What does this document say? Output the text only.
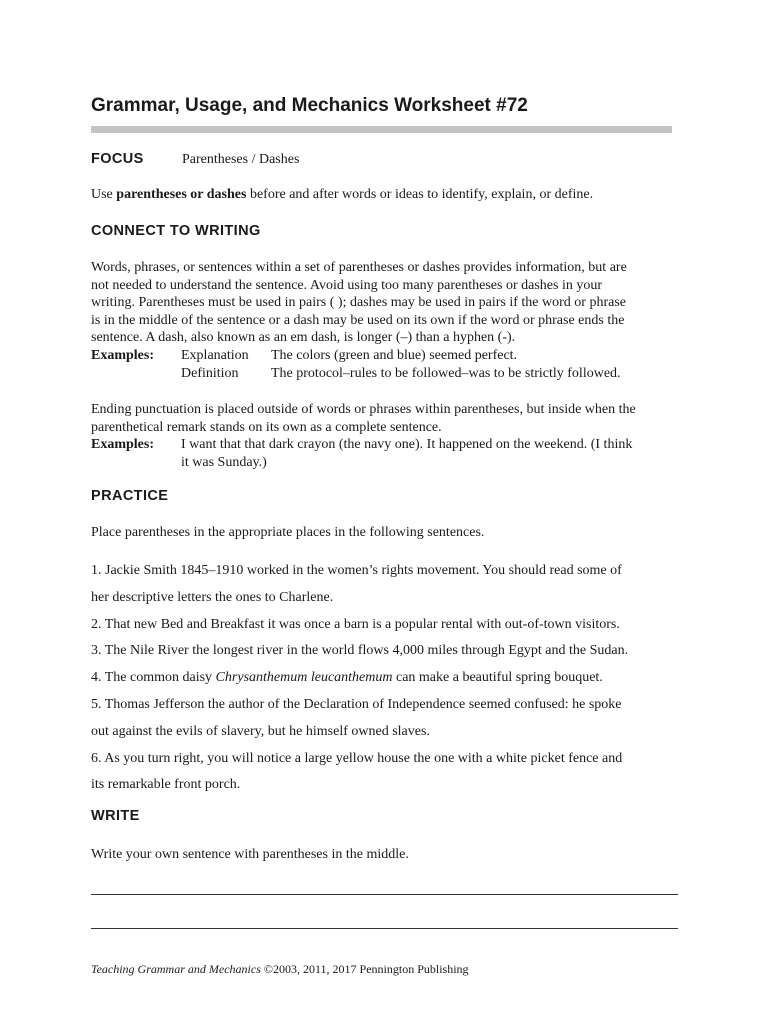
Grammar, Usage, and Mechanics Worksheet #72
FOCUS	Parentheses / Dashes

Use parentheses or dashes before and after words or ideas to identify, explain, or define.

CONNECT TO WRITING
Words, phrases, or sentences within a set of parentheses or dashes provides information, but are
not needed to understand the sentence. Avoid using too many parentheses or dashes in your
writing. Parentheses must be used in pairs ( ); dashes may be used in pairs if the word or phrase
is in the middle of the sentence or a dash may be used on its own if the word or phrase ends the
sentence. A dash, also known as an em dash, is longer (–) than a hyphen (-).
Examples:	Explanation	The colors (green and blue) seemed perfect.
Definition	The protocol–rules to be followed–was to be strictly followed.
Ending punctuation is placed outside of words or phrases within parentheses, but inside when the
parenthetical remark stands on its own as a complete sentence.
Examples:	I want that that dark crayon (the navy one). It happened on the weekend. (I think
it was Sunday.)
PRACTICE

Place parentheses in the appropriate places in the following sentences.

1. Jackie Smith 1845–1910 worked in the women’s rights movement. You should read some of
her descriptive letters the ones to Charlene.
2. That new Bed and Breakfast it was once a barn is a popular rental with out-of-town visitors.
3. The Nile River the longest river in the world flows 4,000 miles through Egypt and the Sudan.
4. The common daisy Chrysanthemum leucanthemum can make a beautiful spring bouquet.
5. Thomas Jefferson the author of the Declaration of Independence seemed confused: he spoke
out against the evils of slavery, but he himself owned slaves.
6. As you turn right, you will notice a large yellow house the one with a white picket fence and
its remarkable front porch.
WRITE

Write your own sentence with parentheses in the middle.

Teaching Grammar and Mechanics ©2003, 2011, 2017 Pennington Publishing
